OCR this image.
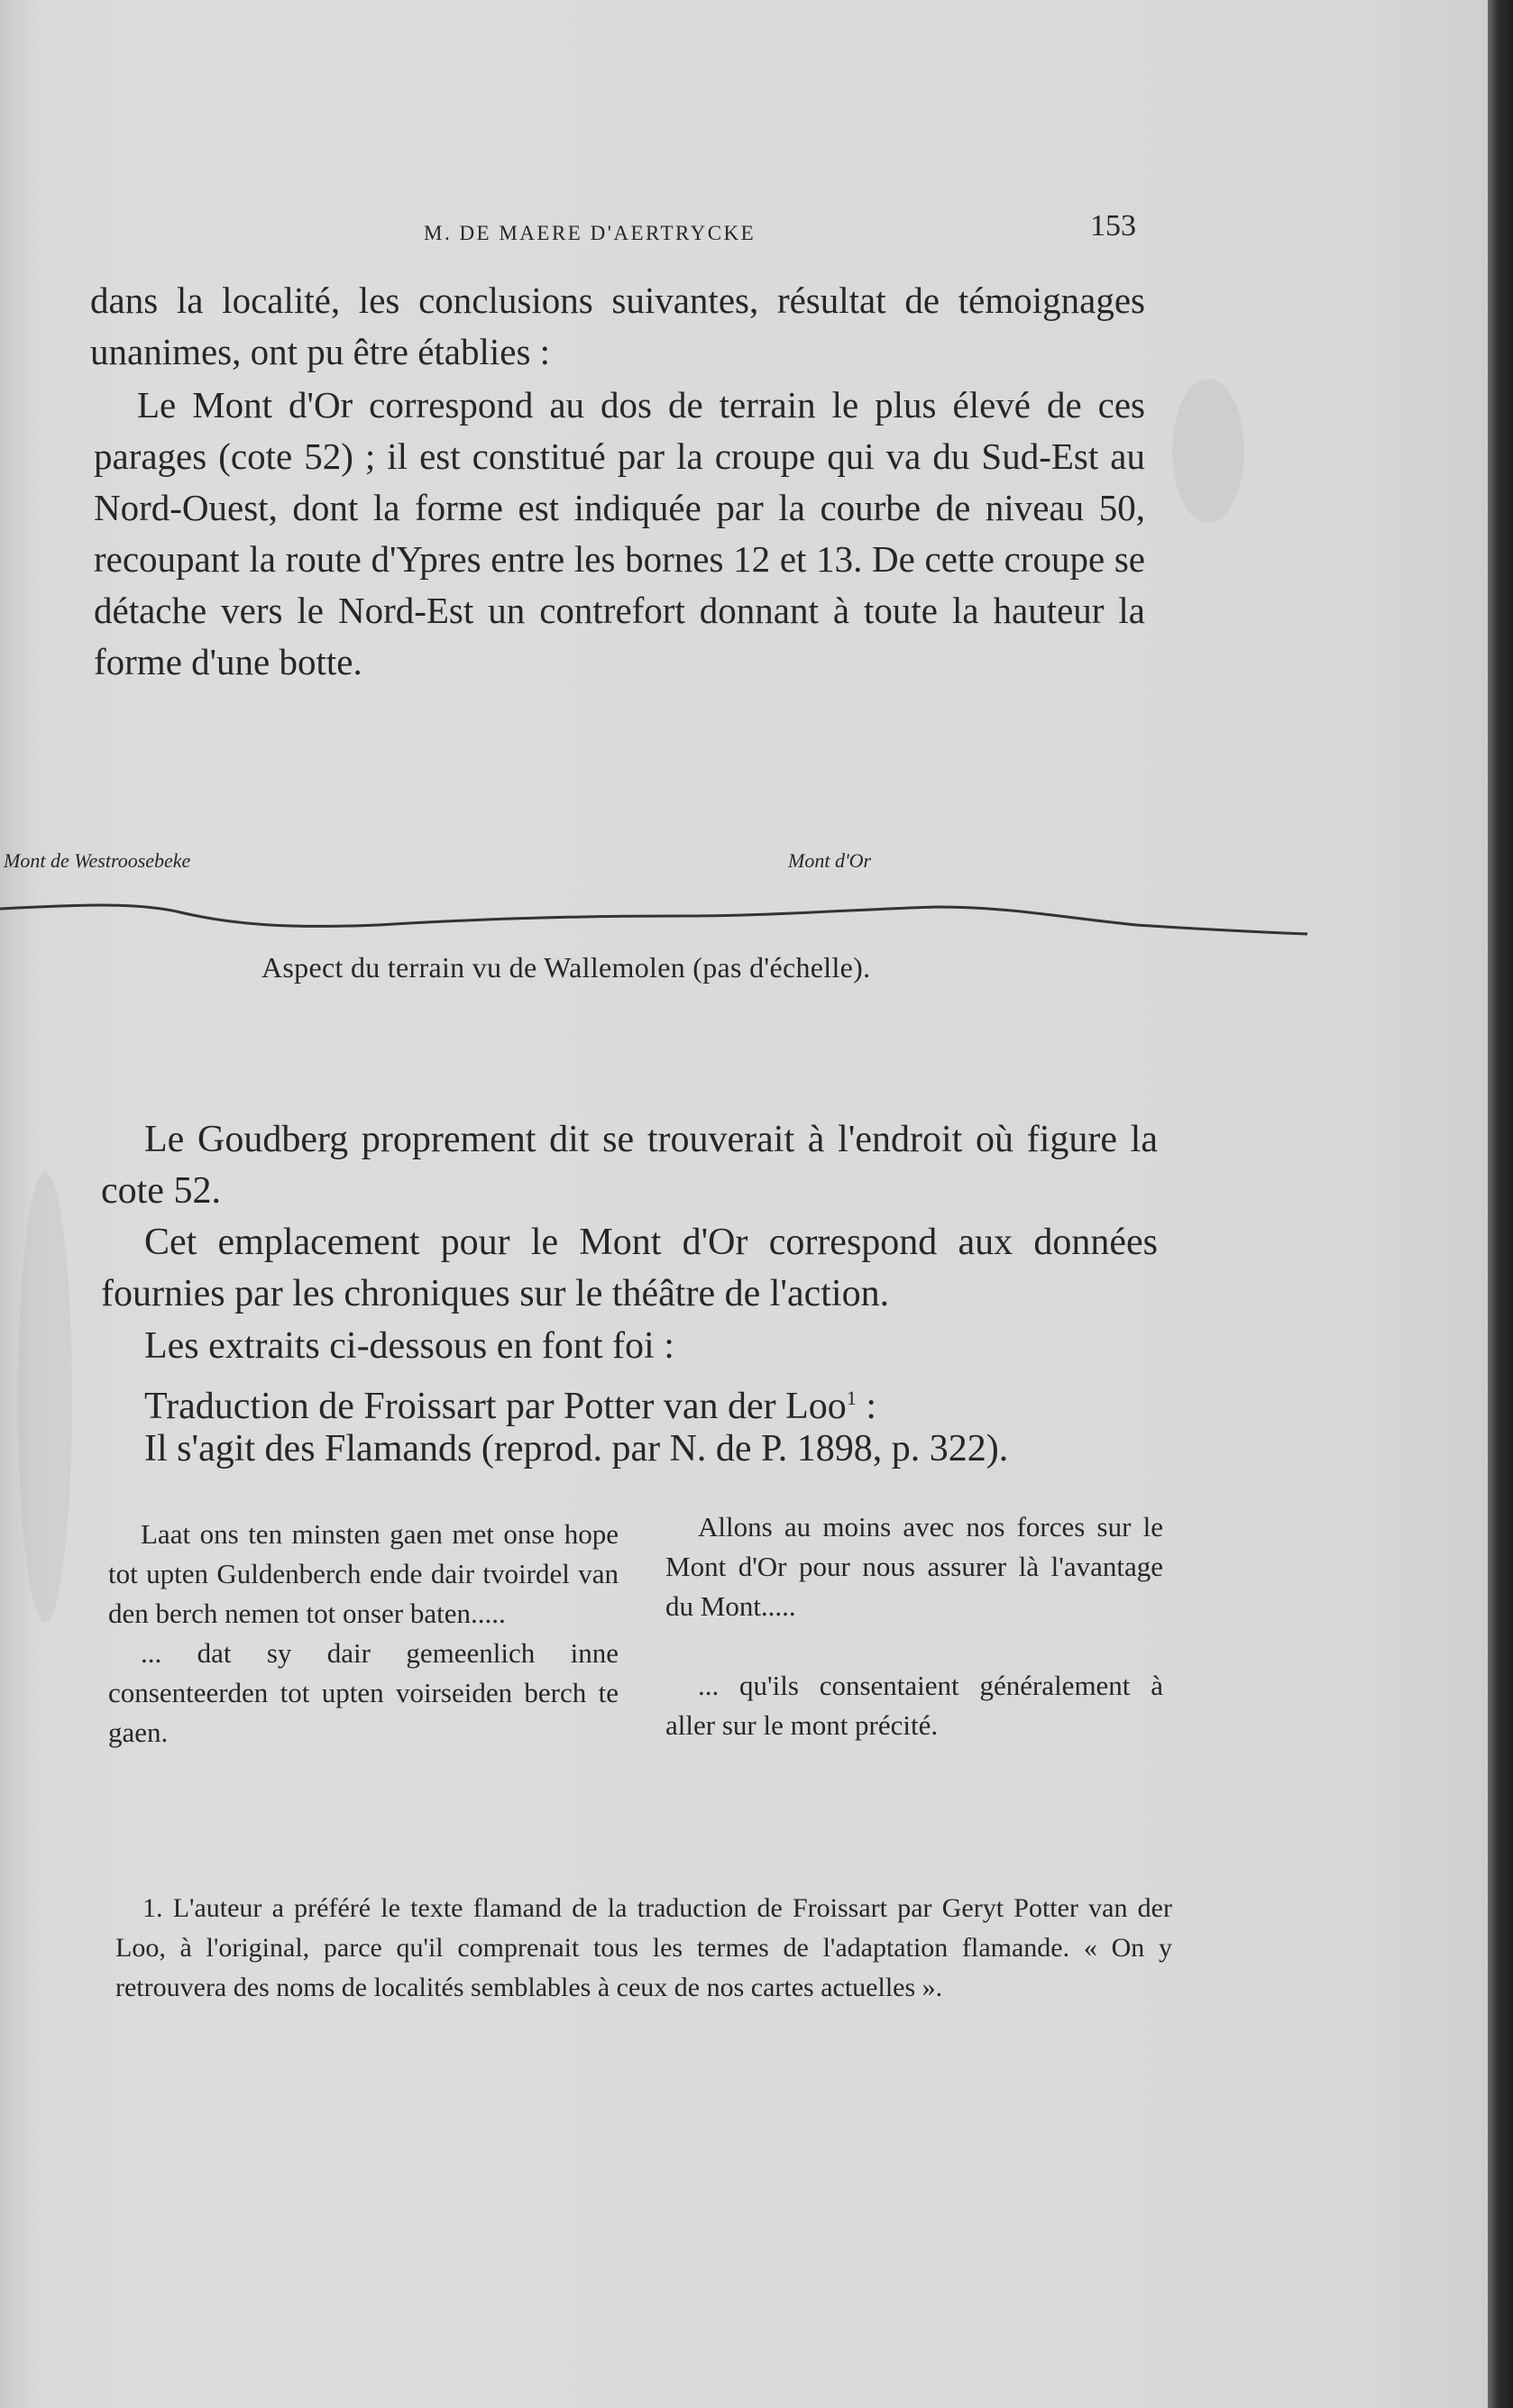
M. DE MAERE D'AERTRYCKE	153

dans la localité, les conclusions suivantes, résultat de témoignages unanimes, ont pu être établies :

Le Mont d'Or correspond au dos de terrain le plus élevé de ces parages (cote 52) ; il est constitué par la croupe qui va du Sud-Est au Nord-Ouest, dont la forme est indiquée par la courbe de niveau 50, recoupant la route d'Ypres entre les bornes 12 et 13. De cette croupe se détache vers le Nord-Est un contrefort donnant à toute la hauteur la forme d'une botte.

Mont de Westroosebeke	Mont d'Or
Aspect du terrain vu de Wallemolen (pas d'échelle).

Le Goudberg proprement dit se trouverait à l'endroit où figure la cote 52.

Cet emplacement pour le Mont d'Or correspond aux données fournies par les chroniques sur le théâtre de l'action.

Les extraits ci-dessous en font foi :

Traduction de Froissart par Potter van der Loo$^1$ :

Il s'agit des Flamands (reprod. par N. de P. 1898, p. 322).

Laat ons ten minsten gaen met onse hope tot upten Guldenberch ende dair tvoirdel van den berch nemen tot onser baten.....

... dat sy dair gemeenlich inne consenteerden tot upten voirseiden berch te gaen.

Allons au moins avec nos forces sur le Mont d'Or pour nous assurer là l'avantage du Mont.....

... qu'ils consentaient généralement à aller sur le mont précité.

1. L'auteur a préféré le texte flamand de la traduction de Froissart par Geryt Potter van der Loo, à l'original, parce qu'il comprenait tous les termes de l'adaptation flamande. « On y retrouvera des noms de localités semblables à ceux de nos cartes actuelles ».
